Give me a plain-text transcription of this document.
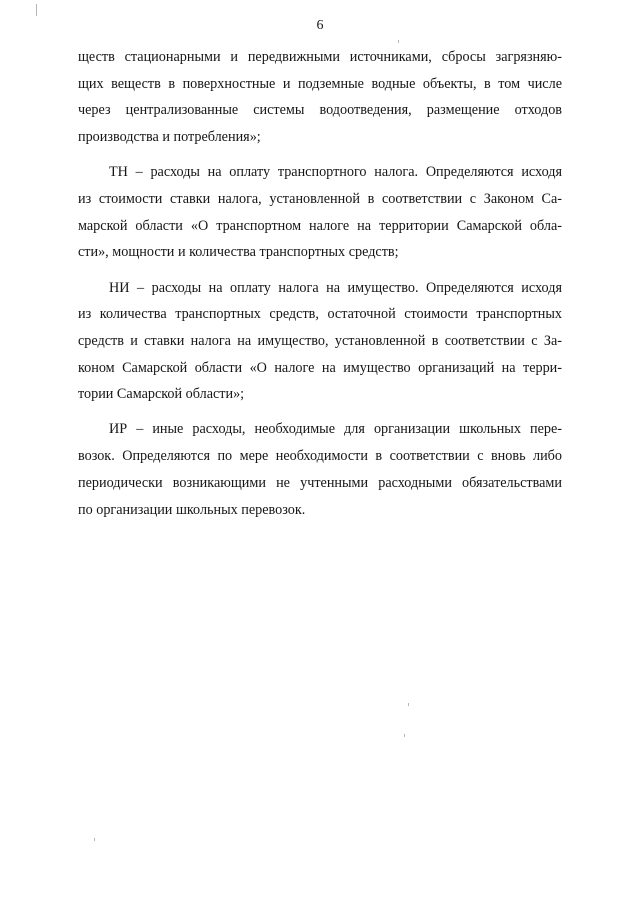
6
ществ стационарными и передвижными источниками, сбросы загрязняю-
щих веществ в поверхностные и подземные водные объекты, в том числе
через централизованные системы водоотведения, размещение отходов
производства и потребления»;
ТН – расходы на оплату транспортного налога. Определяются исходя
из стоимости ставки налога, установленной в соответствии с Законом Са-
марской области «О транспортном налоге на территории Самарской обла-
сти», мощности и количества транспортных средств;
НИ – расходы на оплату налога на имущество. Определяются исходя
из количества транспортных средств, остаточной стоимости транспортных
средств и ставки налога на имущество, установленной в соответствии с За-
коном Самарской области «О налоге на имущество организаций на терри-
тории Самарской области»;
ИР – иные расходы, необходимые для организации школьных пере-
возок. Определяются по мере необходимости в соответствии с вновь либо
периодически возникающими не учтенными расходными обязательствами
по организации школьных перевозок.
